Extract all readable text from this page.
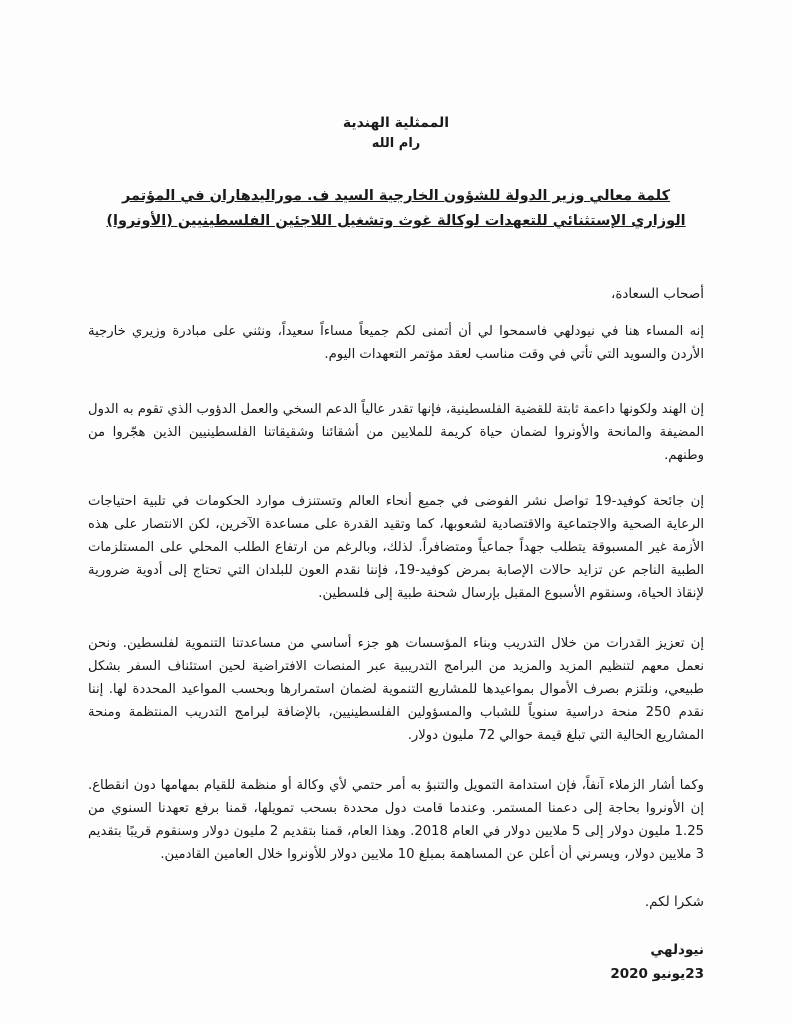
الممثلية الهندية
رام الله
كلمة معالي وزير الدولة للشؤون الخارجية السيد ف. موراليدهاران في المؤتمر الوزاري الإستثنائي للتعهدات لوكالة غوث وتشغيل اللاجئين الفلسطينيين (الأونروا)
أصحاب السعادة،
إنه المساء هنا في نيودلهي فاسمحوا لي أن أتمنى لكم جميعاً مساءاً سعيداً، ونثني على مبادرة وزيري خارجية الأردن والسويد التي تأتي في وقت مناسب لعقد مؤتمر التعهدات اليوم.
إن الهند ولكونها داعمة ثابتة للقضية الفلسطينية، فإنها تقدر عالياً الدعم السخي والعمل الدؤوب الذي تقوم به الدول المضيفة والمانحة والأونروا لضمان حياة كريمة للملايين من أشقائنا وشقيقاتنا الفلسطينيين الذين هجّروا من وطنهم.
إن جائحة كوفيد-19 تواصل نشر الفوضى في جميع أنحاء العالم وتستنزف موارد الحكومات في تلبية احتياجات الرعاية الصحية والاجتماعية والاقتصادية لشعوبها، كما وتقيد القدرة على مساعدة الآخرين، لكن الانتصار على هذه الأزمة غير المسبوقة يتطلب جهداً جماعياً ومتضافراً. لذلك، وبالرغم من ارتفاع الطلب المحلي على المستلزمات الطبية الناجم عن تزايد حالات الإصابة بمرض كوفيد-19، فإننا نقدم العون للبلدان التي تحتاج إلى أدوية ضرورية لإنقاذ الحياة، وسنقوم الأسبوع المقبل بإرسال شحنة طبية إلى فلسطين.
إن تعزيز القدرات من خلال التدريب وبناء المؤسسات هو جزء أساسي من مساعدتنا التنموية لفلسطين. ونحن نعمل معهم لتنظيم المزيد والمزيد من البرامج التدريبية عبر المنصات الافتراضية لحين استئناف السفر بشكل طبيعي، ونلتزم بصرف الأموال بمواعيدها للمشاريع التنموية لضمان استمرارها وبحسب المواعيد المحددة لها. إننا نقدم 250 منحة دراسية سنوياً للشباب والمسؤولين الفلسطينيين، بالإضافة لبرامج التدريب المنتظمة ومنحة المشاريع الحالية التي تبلغ قيمة حوالي 72 مليون دولار.
وكما أشار الزملاء آنفاً، فإن استدامة التمويل والتنبؤ به أمر حتمي لأي وكالة أو منظمة للقيام بمهامها دون انقطاع. إن الأونروا بحاجة إلى دعمنا المستمر. وعندما قامت دول محددة بسحب تمويلها، قمنا برفع تعهدنا السنوي من 1.25 مليون دولار إلى 5 ملايين دولار في العام 2018. وهذا العام، قمنا بتقديم 2 مليون دولار وسنقوم قريبًا بتقديم 3 ملايين دولار، ويسرني أن أعلن عن المساهمة بمبلغ 10 ملايين دولار للأونروا خلال العامين القادمين.
شكرا لكم.
نيودلهي
23يونيو 2020
